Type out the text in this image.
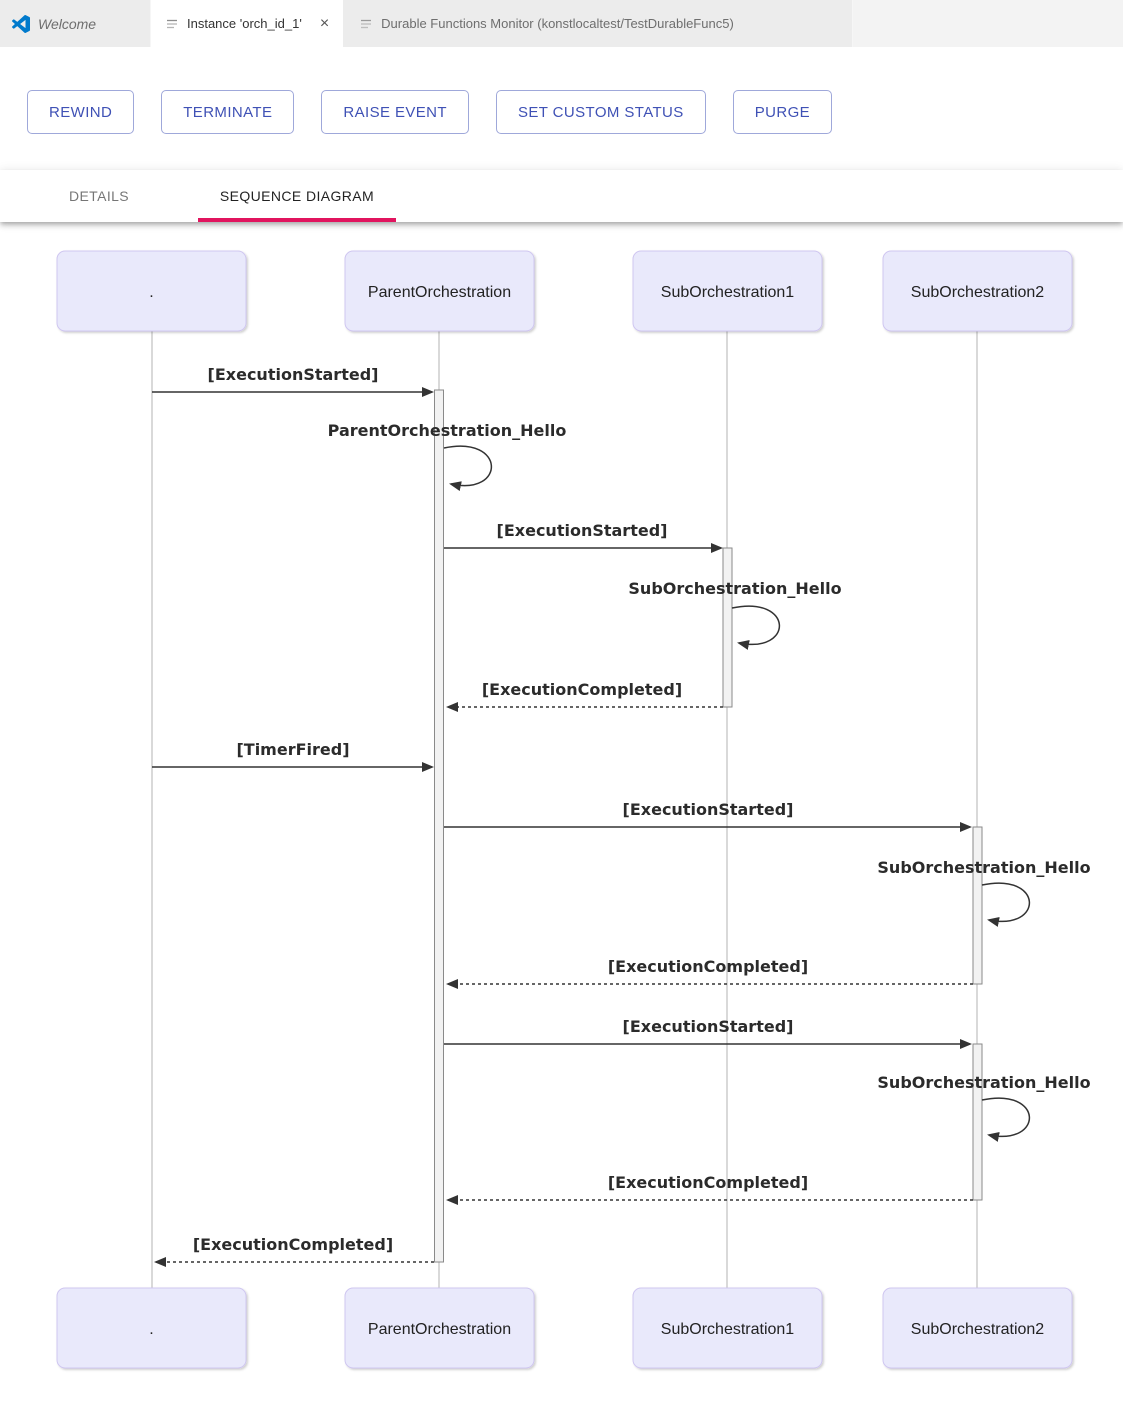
Welcome	Instance 'orch_id_1' ×	Durable Functions Monitor (konstlocaltest/TestDurableFunc5)
REWIND	TERMINATE	RAISE EVENT	SET CUSTOM STATUS	PURGE
DETAILS	SEQUENCE DIAGRAM
.	ParentOrchestration	SubOrchestration1	SubOrchestration2
[ExecutionStarted]
ParentOrchestration_Hello
[ExecutionStarted]
SubOrchestration_Hello
[ExecutionCompleted]
[TimerFired]
[ExecutionStarted]
SubOrchestration_Hello
[ExecutionCompleted]
[ExecutionStarted]
SubOrchestration_Hello
[ExecutionCompleted]
[ExecutionCompleted]
.	ParentOrchestration	SubOrchestration1	SubOrchestration2
